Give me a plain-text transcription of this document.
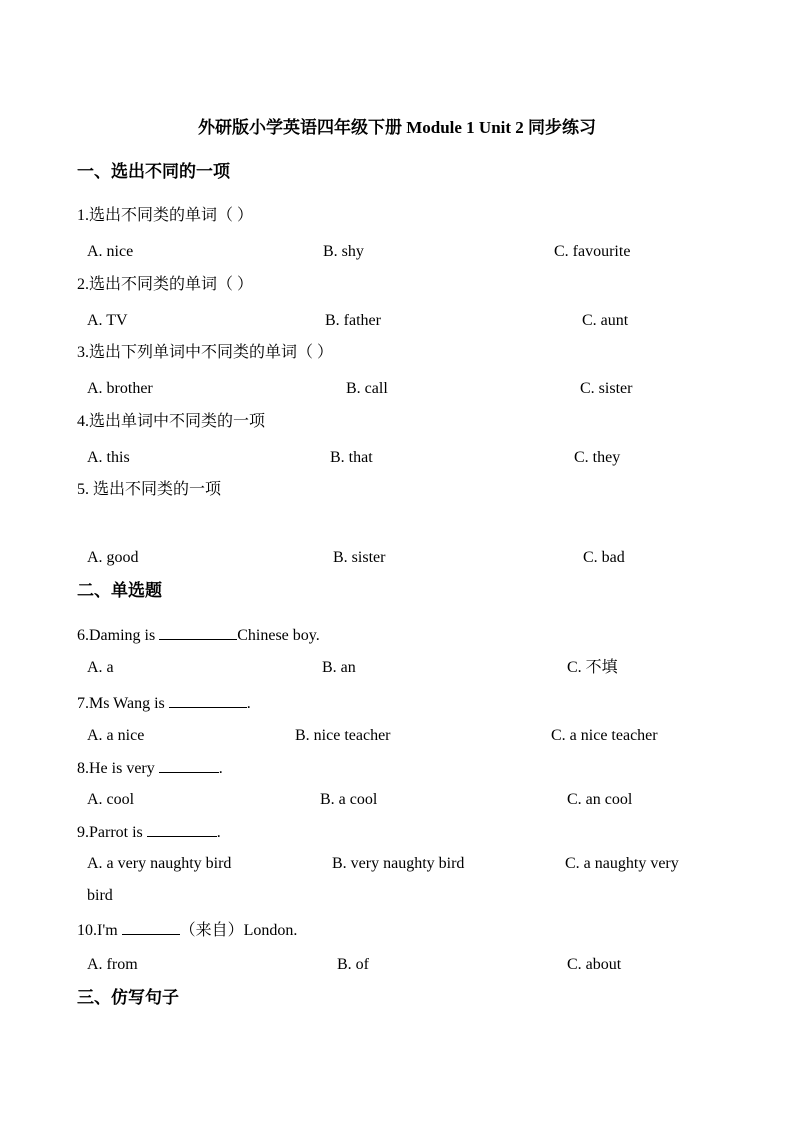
外研版小学英语四年级下册 Module 1 Unit 2 同步练习
一、选出不同的一项
1.选出不同类的单词（ ）
A. nice	B. shy	C. favourite
2.选出不同类的单词（ ）
A. TV	B. father	C. aunt
3.选出下列单词中不同类的单词（ ）
A. brother	B. call	C. sister
4.选出单词中不同类的一项
A. this	B. that	C. they
5. 选出不同类的一项
A. good	B. sister	C. bad
二、单选题
6.Daming is	Chinese boy.
A. a	B. an	C. 不填
7.Ms Wang is	.
A. a nice	B. nice teacher	C. a nice teacher
8.He is very	.
A. cool	B. a cool	C. an cool
9.Parrot is	.
A. a very naughty bird	B. very naughty bird	C. a naughty very
bird
10.I'm	（来自）London.
A. from	B. of	C. about
三、仿写句子
